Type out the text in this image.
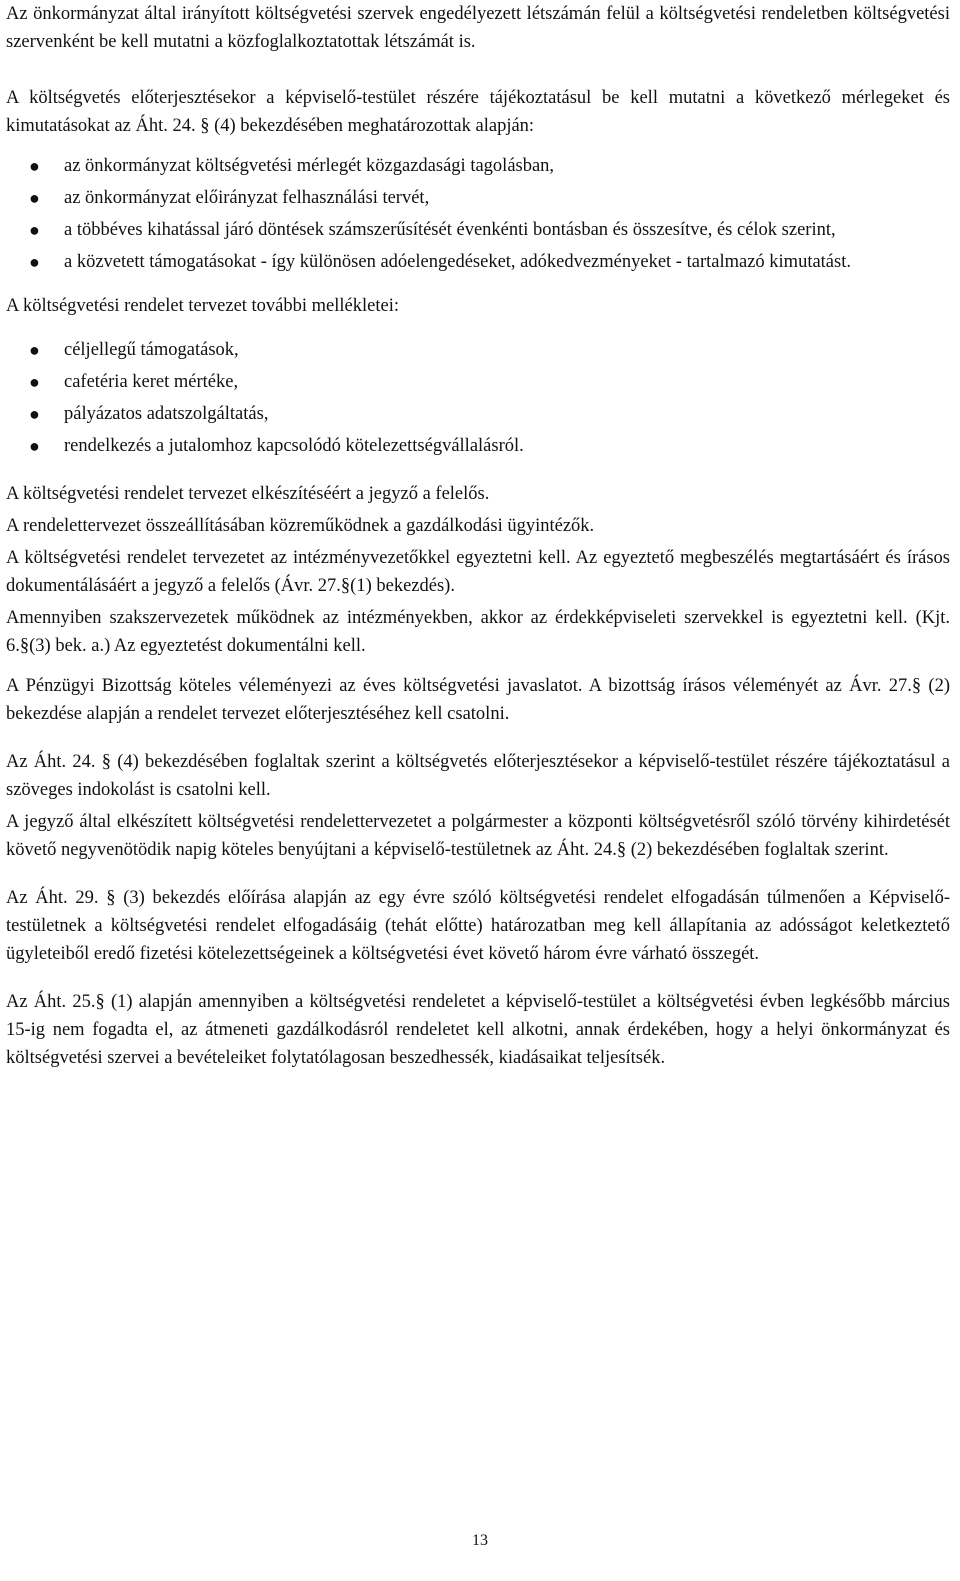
Az önkormányzat által irányított költségvetési szervek engedélyezett létszámán felül a költségvetési rendeletben költségvetési szervenként be kell mutatni a közfoglalkoztatottak létszámát is.

A költségvetés előterjesztésekor a képviselő-testület részére tájékoztatásul be kell mutatni a következő mérlegeket és kimutatásokat az Áht. 24. § (4) bekezdésében meghatározottak alapján:

● az önkormányzat költségvetési mérlegét közgazdasági tagolásban,
● az önkormányzat előirányzat felhasználási tervét,
● a többéves kihatással járó döntések számszerűsítését évenkénti bontásban és összesítve, és célok szerint,
● a közvetett támogatásokat - így különösen adóelengedéseket, adókedvezményeket - tartalmazó kimutatást.

A költségvetési rendelet tervezet további mellékletei:

● céljellegű támogatások,
● cafetéria keret mértéke,
● pályázatos adatszolgáltatás,
● rendelkezés a jutalomhoz kapcsolódó kötelezettségvállalásról.

A költségvetési rendelet tervezet elkészítéséért a jegyző a felelős.

A rendelettervezet összeállításában közreműködnek a gazdálkodási ügyintézők.

A költségvetési rendelet tervezetet az intézményvezetőkkel egyeztetni kell. Az egyeztető megbeszélés megtartásáért és írásos dokumentálásáért a jegyző a felelős (Ávr. 27.§(1) bekezdés).

Amennyiben szakszervezetek működnek az intézményekben, akkor az érdekképviseleti szervekkel is egyeztetni kell. (Kjt. 6.§(3) bek. a.) Az egyeztetést dokumentálni kell.

A Pénzügyi Bizottság köteles véleményezi az éves költségvetési javaslatot. A bizottság írásos véleményét az Ávr. 27.§ (2) bekezdése alapján a rendelet tervezet előterjesztéséhez kell csatolni.

Az Áht. 24. § (4) bekezdésében foglaltak szerint a költségvetés előterjesztésekor a képviselő-testület részére tájékoztatásul a szöveges indokolást is csatolni kell.

A jegyző által elkészített költségvetési rendelettervezetet a polgármester a központi költségvetésről szóló törvény kihirdetését követő negyvenötödik napig köteles benyújtani a képviselő-testületnek az Áht. 24.§ (2) bekezdésében foglaltak szerint.

Az Áht. 29. § (3) bekezdés előírása alapján az egy évre szóló költségvetési rendelet elfogadásán túlmenően a Képviselő-testületnek a költségvetési rendelet elfogadásáig (tehát előtte) határozatban meg kell állapítania az adósságot keletkeztető ügyleteiből eredő fizetési kötelezettségeinek a költségvetési évet követő három évre várható összegét.

Az Áht. 25.§ (1) alapján amennyiben a költségvetési rendeletet a képviselő-testület a költségvetési évben legkésőbb március 15-ig nem fogadta el, az átmeneti gazdálkodásról rendeletet kell alkotni, annak érdekében, hogy a helyi önkormányzat és költségvetési szervei a bevételeiket folytatólagosan beszedhessék, kiadásaikat teljesítsék.

13
